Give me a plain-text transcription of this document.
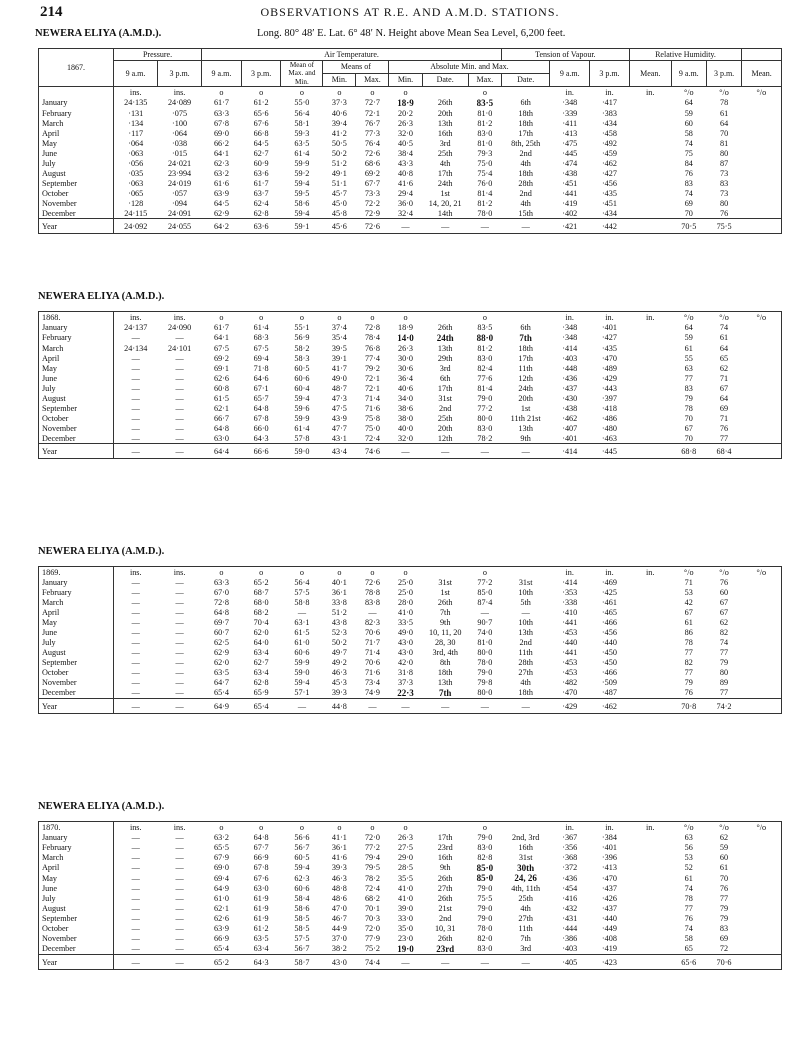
214	OBSERVATIONS AT R.E. AND A.M.D. STATIONS.
NEWERA ELIYA (A.M.D.).	Long. 80° 48′ E. Lat. 6° 48′ N. Height above Mean Sea Level, 6,200 feet.
1867.	Pressure.		Air Temperature.								Tension of Vapour.			Relative Humidity.			
	9 a.m.	3 p.m.	9 a.m.	3 p.m.	Mean of Max. and Min.	Means of		Absolute Min. and Max.				9 a.m.	3 p.m.	Mean.	9 a.m.	3 p.m.	Mean.
						Min.	Max.	Min.	Date.	Max.	Date.						
	ins.	ins.	o	o	o	o	o	o		o		in.	in.	in.	°/o	°/o	°/o
January	24·135	24·089	61·7	61·2	55·0	37·3	72·7	18·9	26th	83·5	6th	·348	·417		64	78	
February	·131	·075	63·3	65·6	56·4	40·6	72·1	20·2	20th	81·0	18th	·339	·383		59	61	
March	·134	·100	67·8	67·6	58·1	39·4	76·7	26·3	13th	81·2	18th	·411	·434		60	64	
April	·117	·064	69·0	66·8	59·3	41·2	77·3	32·0	16th	83·0	17th	·413	·458		58	70	
May	·064	·038	66·2	64·5	63·5	50·5	76·4	40·5	3rd	81·0	8th, 25th	·475	·492		74	81	
June	·063	·015	64·1	62·7	61·4	50·2	72·6	38·4	25th	79·3	2nd	·445	·459		75	80	
July	·056	24·021	62·3	60·9	59·9	51·2	68·6	43·3	4th	75·0	4th	·474	·462		84	87	
August	·035	23·994	63·2	63·6	59·2	49·1	69·2	40·8	17th	75·4	18th	·438	·427		76	73	
September	·063	24·019	61·6	61·7	59·4	51·1	67·7	41·6	24th	76·0	28th	·451	·456		83	83	
October	·065	·057	63·9	63·7	59·5	45·7	73·3	29·4	1st	81·4	2nd	·441	·435		74	73	
November	·128	·094	64·5	62·4	58·6	45·0	72·2	36·0	14, 20, 21	81·2	4th	·419	·451		69	80	
December	24·115	24·091	62·9	62·8	59·4	45·8	72·9	32·4	14th	78·0	15th	·402	·434		70	76	
Year	24·092	24·055	64·2	63·6	59·1	45·6	72·6	—	—	—	—	·421	·442		70·5	75·5	
NEWERA ELIYA (A.M.D.).
1868.	ins.	ins.	o	o	o	o	o	o		o		in.	in.	in.	°/o	°/o	°/o
January	24·137	24·090	61·7	61·4	55·1	37·4	72·8	18·9	26th	83·5	6th	·348	·401		64	74	
February	—	—	64·1	68·3	56·9	35·4	78·4	14·0	24th	88·0	7th	·348	·427		59	61	
March	24·134	24·101	67·5	67·5	58·2	39·5	76·8	26·3	13th	81·2	18th	·414	·435		61	64	
April	—	—	69·2	69·4	58·3	39·1	77·4	30·0	29th	83·0	17th	·403	·470		55	65	
May	—	—	69·1	71·8	60·5	41·7	79·2	30·6	3rd	82·4	11th	·448	·489		63	62	
June	—	—	62·6	64·6	60·6	49·0	72·1	36·4	6th	77·6	12th	·436	·429		77	71	
July	—	—	60·8	67·1	60·4	48·7	72·1	40·6	17th	81·4	24th	·437	·443		83	67	
August	—	—	61·5	65·7	59·4	47·3	71·4	34·0	31st	79·0	20th	·430	·397		79	64	
September	—	—	62·1	64·8	59·6	47·5	71·6	38·6	2nd	77·2	1st	·438	·418		78	69	
October	—	—	66·7	67·8	59·9	43·9	75·8	38·0	25th	80·0	11th 21st	·462	·486		70	71	
November	—	—	64·8	66·0	61·4	47·7	75·0	40·0	20th	83·0	13th	·407	·480		67	76	
December	—	—	63·0	64·3	57·8	43·1	72·4	32·0	12th	78·2	9th	·401	·463		70	77	
Year	—	—	64·4	66·6	59·0	43·4	74·6	—	—	—	—	·414	·445		68·8	68·4	
NEWERA ELIYA (A.M.D.).
1869.	ins.	ins.	o	o	o	o	o	o		o		in.	in.	in.	°/o	°/o	°/o
January	—	—	63·3	65·2	56·4	40·1	72·6	25·0	31st	77·2	31st	·414	·469		71	76	
February	—	—	67·0	68·7	57·5	36·1	78·8	25·0	1st	85·0	10th	·353	·425		53	60	
March	—	—	72·8	68·0	58·8	33·8	83·8	28·0	26th	87·4	5th	·338	·461		42	67	
April	—	—	64·8	68·2	—	51·2	—	41·0	7th	—	—	·410	·465		67	67	
May	—	—	69·7	70·4	63·1	43·8	82·3	33·5	9th	90·7	10th	·441	·466		61	62	
June	—	—	60·7	62·0	61·5	52·3	70·6	49·0	10, 11, 20	74·0	13th	·453	·456		86	82	
July	—	—	62·5	64·0	61·0	50·2	71·7	43·0	28, 30	81·0	2nd	·440	·440		78	74	
August	—	—	62·9	63·4	60·6	49·7	71·4	43·0	3rd, 4th	80·0	11th	·441	·450		77	77	
September	—	—	62·0	62·7	59·9	49·2	70·6	42·0	8th	78·0	28th	·453	·450		82	79	
October	—	—	63·5	63·4	59·0	46·3	71·6	31·8	18th	79·0	27th	·453	·466		77	80	
November	—	—	64·7	62·8	59·4	45·3	73·4	37·3	13th	79·8	4th	·482	·509		79	89	
December	—	—	65·4	65·9	57·1	39·3	74·9	22·3	7th	80·0	18th	·470	·487		76	77	
Year	—	—	64·9	65·4	—	44·8	—	—	—	—	—	·429	·462		70·8	74·2	
NEWERA ELIYA (A.M.D.).
1870.	ins.	ins.	o	o	o	o	o	o		o		in.	in.	in.	°/o	°/o	°/o
January	—	—	63·2	64·8	56·6	41·1	72·0	26·3	17th	79·0	2nd, 3rd	·367	·384		63	62	
February	—	—	65·5	67·7	56·7	36·1	77·2	27·5	23rd	83·0	16th	·356	·401		56	59	
March	—	—	67·9	66·9	60·5	41·6	79·4	29·0	16th	82·8	31st	·368	·396		53	60	
April	—	—	69·0	67·8	59·4	39·3	79·5	28·5	9th	85·0	30th	·372	·413		52	61	
May	—	—	69·4	67·6	62·3	46·3	78·2	35·5	26th	85·0	24, 26	·436	·470		61	70	
June	—	—	64·9	63·0	60·6	48·8	72·4	41·0	27th	79·0	4th, 11th	·454	·437		74	76	
July	—	—	61·0	61·9	58·4	48·6	68·2	41·0	26th	75·5	25th	·416	·426		78	77	
August	—	—	62·1	61·9	58·6	47·0	70·1	39·0	21st	79·0	4th	·432	·437		77	79	
September	—	—	62·6	61·9	58·5	46·7	70·3	33·0	2nd	79·0	27th	·431	·440		76	79	
October	—	—	63·9	61·2	58·5	44·9	72·0	35·0	10, 31	78·0	11th	·444	·449		74	83	
November	—	—	66·9	63·5	57·5	37·0	77·9	23·0	26th	82·0	7th	·386	·408		58	69	
December	—	—	65·4	63·4	56·7	38·2	75·2	19·0	23rd	83·0	3rd	·403	·419		65	72	
Year	—	—	65·2	64·3	58·7	43·0	74·4	—	—	—	—	·405	·423		65·6	70·6	
